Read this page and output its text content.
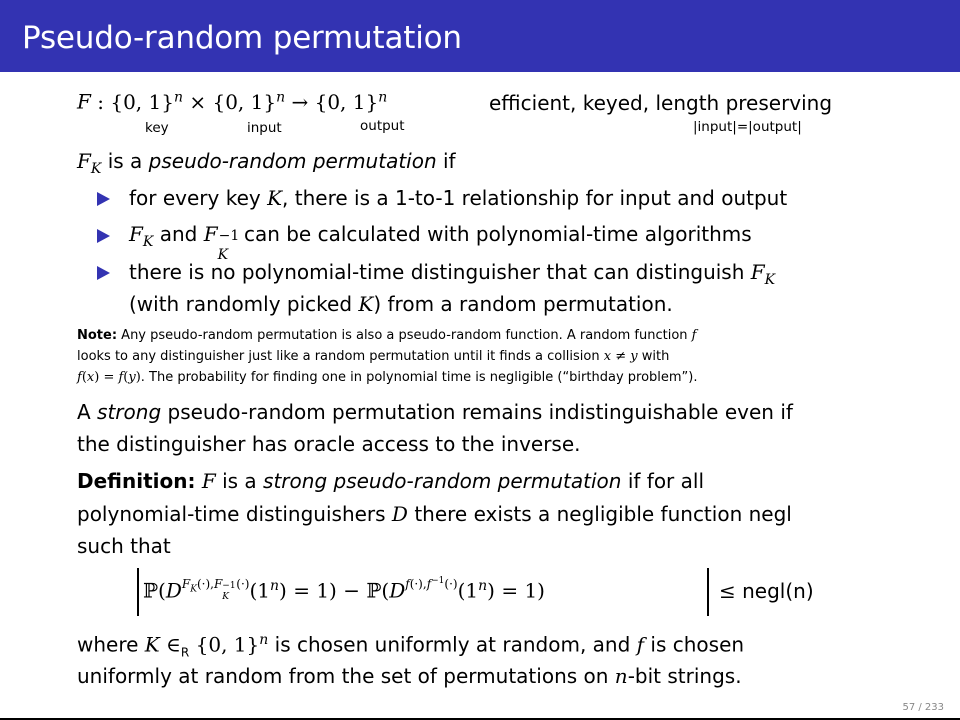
Pseudo-random permutation
F : {0, 1}$^n$ × {0, 1}$^n$ → {0, 1}$^n$
key	input	output
efficient, keyed, length preserving
|input|=|output|
$F_K$ is a pseudo-random permutation if
for every key K, there is a 1-to-1 relationship for input and output
$F_K$ and F −1
K
can be calculated with polynomial-time algorithms
there is no polynomial-time distinguisher that can distinguish $F_K$
(with randomly picked K) from a random permutation.
Note: Any pseudo-random permutation is also a pseudo-random function. A random function f
looks to any distinguisher just like a random permutation until it finds a collision x ≠ y with
f(x) = f(y). The probability for finding one in polynomial time is negligible (“birthday problem”).
A strong pseudo-random permutation remains indistinguishable even if
the distinguisher has oracle access to the inverse.
Definition: F is a strong pseudo-random permutation if for all
polynomial-time distinguishers D there exists a negligible function negl
such that
$ℙ(DF_K(\cdot),F -1$
K
$(\cdot)(1^n) = 1$) − $ℙ(Df(\cdot),f^{-1}(\cdot)(1^n) = 1)$	≤ negl(n)
where K $\in_R$ {0, 1}$^n$ is chosen uniformly at random, and f is chosen
uniformly at random from the set of permutations on n-bit strings.
57 / 233
